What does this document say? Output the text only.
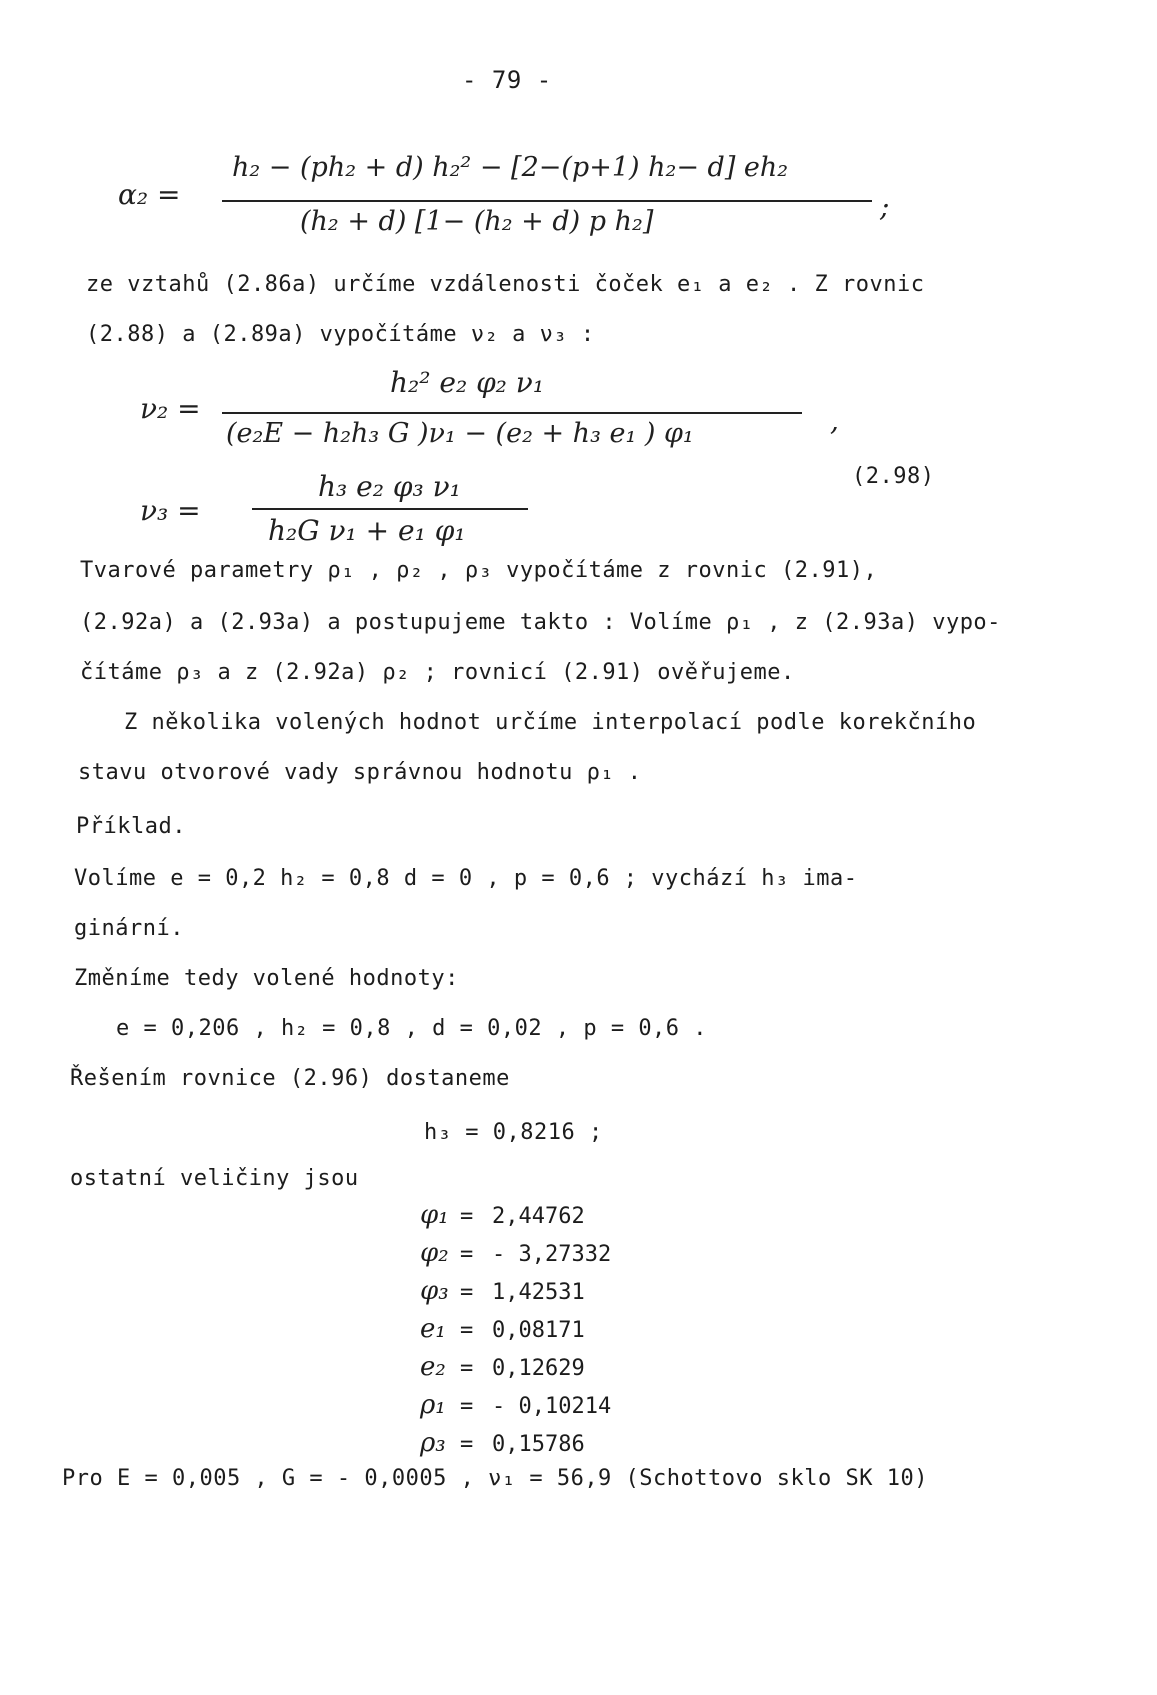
- 79 -
α₂ =
h₂ − (ph₂ + d) h₂² − [2−(p+1) h₂− d] eh₂
(h₂ + d) [1− (h₂ + d) p h₂]	;
ze vztahů (2.86a) určíme vzdálenosti čoček e₁ a e₂ . Z rovnic
(2.88) a (2.89a) vypočítáme ν₂ a ν₃ :
ν₂ =
h₂² e₂ φ₂ ν₁
(e₂E − h₂h₃ G )ν₁ − (e₂ + h₃ e₁ ) φ₁	,
ν₃ =
h₃ e₂ φ₃ ν₁
h₂G ν₁ + e₁ φ₁
(2.98)
Tvarové parametry ρ₁ , ρ₂ , ρ₃ vypočítáme z rovnic (2.91),
(2.92a) a (2.93a) a postupujeme takto : Volíme ρ₁ , z (2.93a) vypo-
čítáme ρ₃ a z (2.92a) ρ₂ ; rovnicí (2.91) ověřujeme.
Z několika volených hodnot určíme interpolací podle korekčního
stavu otvorové vady správnou hodnotu ρ₁ .
Příklad.
Volíme e = 0,2 h₂ = 0,8 d = 0 , p = 0,6 ; vychází h₃ ima-
ginární.
Změníme tedy volené hodnoty:
e = 0,206 , h₂ = 0,8 , d = 0,02 , p = 0,6 .
Řešením rovnice (2.96) dostaneme
h₃ = 0,8216 ;
ostatní veličiny jsou
φ₁ = 2,44762
φ₂ = - 3,27332
φ₃ = 1,42531
e₁ = 0,08171
e₂ = 0,12629
ρ₁ = - 0,10214
ρ₃ = 0,15786
Pro E = 0,005 , G = - 0,0005 , ν₁ = 56,9 (Schottovo sklo SK 10)
